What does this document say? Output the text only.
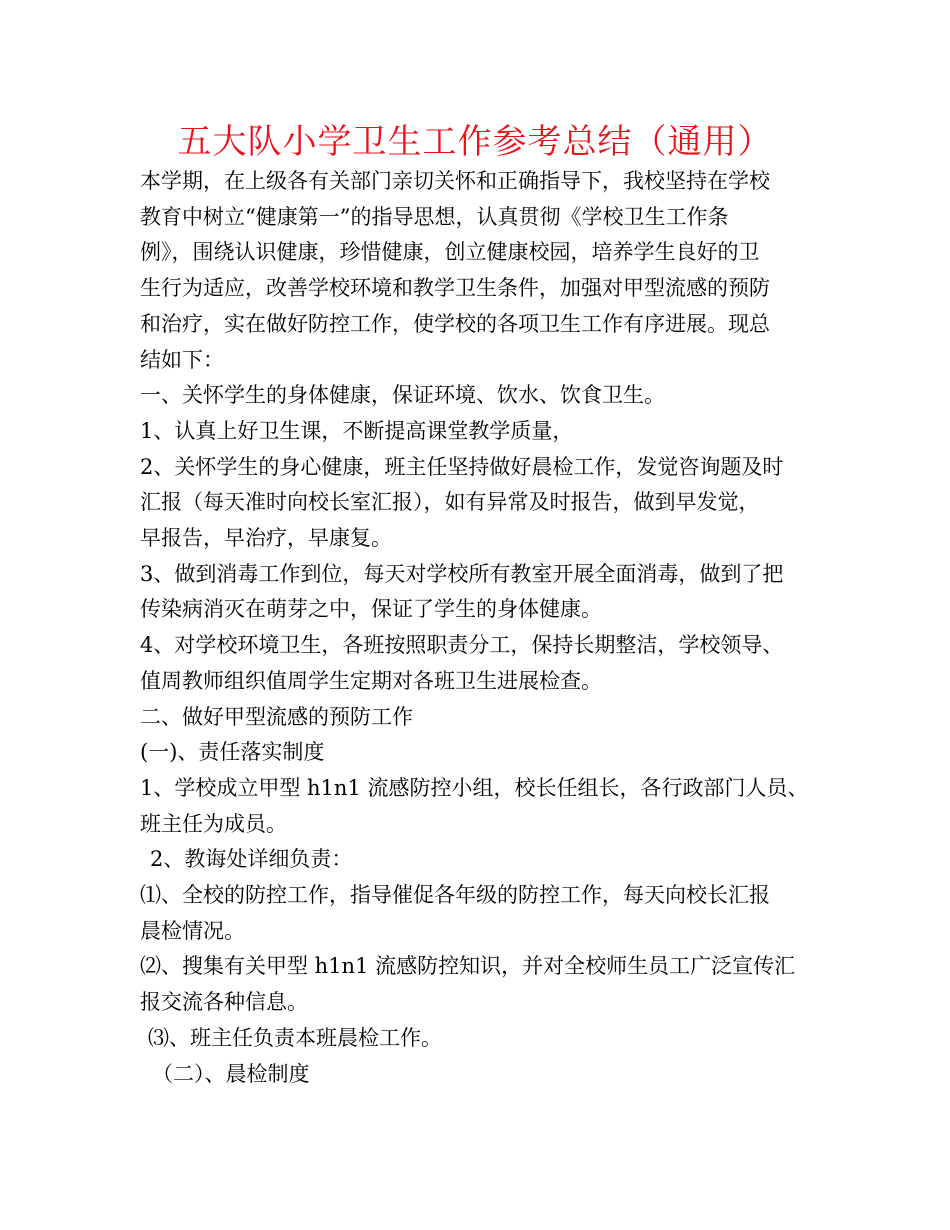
五大队小学卫生工作参考总结（通用）

本学期，在上级各有关部门亲切关怀和正确指导下，我校坚持在学校

教育中树立“健康第一”的指导思想，认真贯彻《学校卫生工作条

例》，围绕认识健康，珍惜健康，创立健康校园，培养学生良好的卫

生行为适应，改善学校环境和教学卫生条件，加强对甲型流感的预防

和治疗，实在做好防控工作，使学校的各项卫生工作有序进展。现总

结如下：

一、关怀学生的身体健康，保证环境、饮水、饮食卫生。

1、认真上好卫生课，不断提高课堂教学质量，

2、关怀学生的身心健康，班主任坚持做好晨检工作，发觉咨询题及时

汇报（每天准时向校长室汇报），如有异常及时报告，做到早发觉，

早报告，早治疗，早康复。

3、做到消毒工作到位，每天对学校所有教室开展全面消毒，做到了把

传染病消灭在萌芽之中，保证了学生的身体健康。

4、对学校环境卫生，各班按照职责分工，保持长期整洁，学校领导、

值周教师组织值周学生定期对各班卫生进展检查。

二、做好甲型流感的预防工作

(一)、责任落实制度

1、学校成立甲型 h1n1 流感防控小组，校长任组长，各行政部门人员、

班主任为成员。

2、教诲处详细负责：

⑴、全校的防控工作，指导催促各年级的防控工作，每天向校长汇报

晨检情况。

⑵、搜集有关甲型 h1n1 流感防控知识，并对全校师生员工广泛宣传汇

报交流各种信息。

⑶、班主任负责本班晨检工作。

（二）、晨检制度
